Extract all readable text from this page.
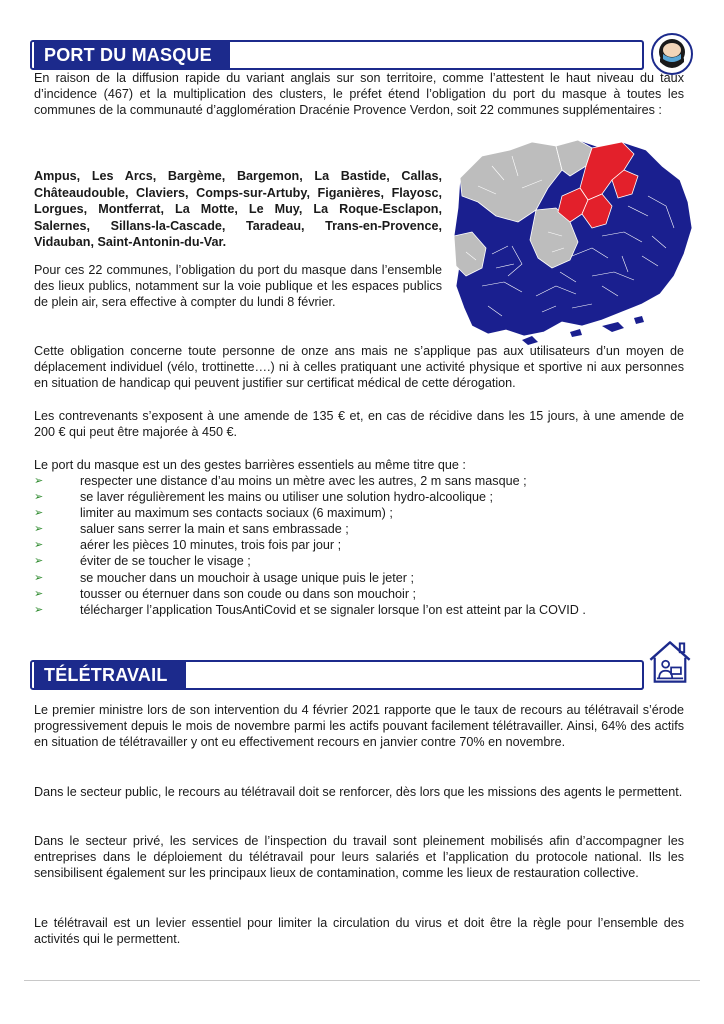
PORT DU MASQUE

En raison de la diffusion rapide du variant anglais sur son territoire, comme l’attestent le haut niveau du taux d’incidence (467) et la multiplication des clusters, le préfet étend l’obligation du port du masque à toutes les communes de la communauté d’agglomération Dracénie Provence Verdon, soit 22 communes supplémentaires :

Ampus, Les Arcs, Bargème, Bargemon, La Bastide, Callas, Châteaudouble, Claviers, Comps-sur-Artuby, Figanières, Flayosc, Lorgues, Montferrat, La Motte, Le Muy, La Roque-Esclapon, Salernes, Sillans-la-Cascade, Taradeau, Trans-en-Provence, Vidauban, Saint-Antonin-du-Var.

Pour ces 22 communes, l’obligation du port du masque dans l’ensemble des lieux publics, notamment sur la voie publique et les espaces publics de plein air, sera effective à compter du lundi 8 février.

Cette obligation concerne toute personne de onze ans mais ne s’applique pas aux utilisateurs d’un moyen de déplacement individuel (vélo, trottinette….) ni à celles pratiquant une activité physique et sportive ni aux personnes en situation de handicap qui peuvent justifier sur certificat médical de cette dérogation.

Les contrevenants s’exposent à une amende de 135 € et, en cas de récidive dans les 15 jours, à une amende de 200 € qui peut être majorée à 450 €.

Le port du masque est un des gestes barrières essentiels au même titre que :

➢	respecter une distance d’au moins un mètre avec les autres, 2 m sans masque ;
➢	se laver régulièrement les mains ou utiliser une solution hydro-alcoolique ;
➢	limiter au maximum ses contacts sociaux (6 maximum) ;
➢	saluer sans serrer la main et sans embrassade ;
➢	aérer les pièces 10 minutes, trois fois par jour ;
➢	éviter de se toucher le visage ;
➢	se moucher dans un mouchoir à usage unique puis le jeter ;
➢	tousser ou éternuer dans son coude ou dans son mouchoir ;
➢	télécharger l’application TousAntiCovid et se signaler lorsque l’on est atteint par la COVID .
TÉLÉTRAVAIL

Le premier ministre lors de son intervention du 4 février 2021 rapporte que le taux de recours au télétravail s’érode progressivement depuis le mois de novembre parmi les actifs pouvant facilement télétravailler. Ainsi, 64% des actifs en situation de télétravailler y ont eu effectivement recours en janvier contre 70% en novembre.

Dans le secteur public, le recours au télétravail doit se renforcer, dès lors que les missions des agents le permettent.

Dans le secteur privé, les services de l’inspection du travail sont pleinement mobilisés afin d’accompagner les entreprises dans le déploiement du télétravail pour leurs salariés et l’application du protocole national. Ils les sensibilisent également sur les principaux lieux de contamination, comme les lieux de restauration collective.

Le télétravail est un levier essentiel pour limiter la circulation du virus et doit être la règle pour l’ensemble des activités qui le permettent.
